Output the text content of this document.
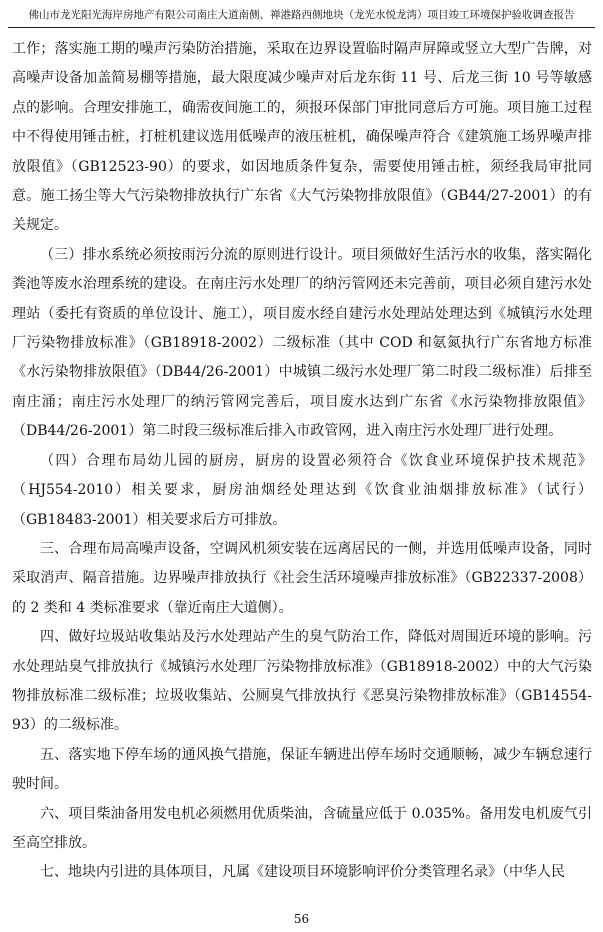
佛山市龙光阳光海岸房地产有限公司南庄大道南侧、禅港路西侧地块（龙光水悦龙湾）项目竣工环境保护验收调查报告

工作；落实施工期的噪声污染防治措施，采取在边界设置临时隔声屏障或竖立大型广告牌，对高噪声设备加盖简易棚等措施，最大限度减少噪声对后龙东街 11 号、后龙三街 10 号等敏感点的影响。合理安排施工，确需夜间施工的，须报环保部门审批同意后方可施。项目施工过程中不得使用锤击桩，打桩机建议选用低噪声的液压桩机，确保噪声符合《建筑施工场界噪声排放限值》（GB12523-90）的要求，如因地质条件复杂，需要使用锤击桩，须经我局审批同意。施工扬尘等大气污染物排放执行广东省《大气污染物排放限值》（GB44/27-2001）的有关规定。

（三）排水系统必须按雨污分流的原则进行设计。项目须做好生活污水的收集，落实隔化粪池等废水治理系统的建设。在南庄污水处理厂的纳污管网还未完善前，项目必须自建污水处理站（委托有资质的单位设计、施工），项目废水经自建污水处理站处理达到《城镇污水处理厂污染物排放标准》（GB18918-2002）二级标准（其中 COD 和氨氮执行广东省地方标准《水污染物排放限值》（DB44/26-2001）中城镇二级污水处理厂第二时段二级标准）后排至南庄涌；南庄污水处理厂的纳污管网完善后，项目废水达到广东省《水污染物排放限值》（DB44/26-2001）第二时段三级标准后排入市政管网，进入南庄污水处理厂进行处理。

（四）合理布局幼儿园的厨房，厨房的设置必须符合《饮食业环境保护技术规范》（HJ554-2010）相关要求，厨房油烟经处理达到《饮食业油烟排放标准》（试行）（GB18483-2001）相关要求后方可排放。

三、合理布局高噪声设备，空调风机须安装在远离居民的一侧，并选用低噪声设备，同时采取消声、隔音措施。边界噪声排放执行《社会生活环境噪声排放标准》（GB22337-2008）的 2 类和 4 类标准要求（靠近南庄大道侧）。

四、做好垃圾站收集站及污水处理站产生的臭气防治工作，降低对周围近环境的影响。污水处理站臭气排放执行《城镇污水处理厂污染物排放标准》（GB18918-2002）中的大气污染物排放标准二级标准；垃圾收集站、公厕臭气排放执行《恶臭污染物排放标准》（GB14554-93）的二级标准。

五、落实地下停车场的通风换气措施，保证车辆进出停车场时交通顺畅，减少车辆怠速行驶时间。

六、项目柴油备用发电机必须燃用优质柴油，含硫量应低于 0.035%。备用发电机废气引至高空排放。

七、地块内引进的具体项目，凡属《建设项目环境影响评价分类管理名录》（中华人民

56
